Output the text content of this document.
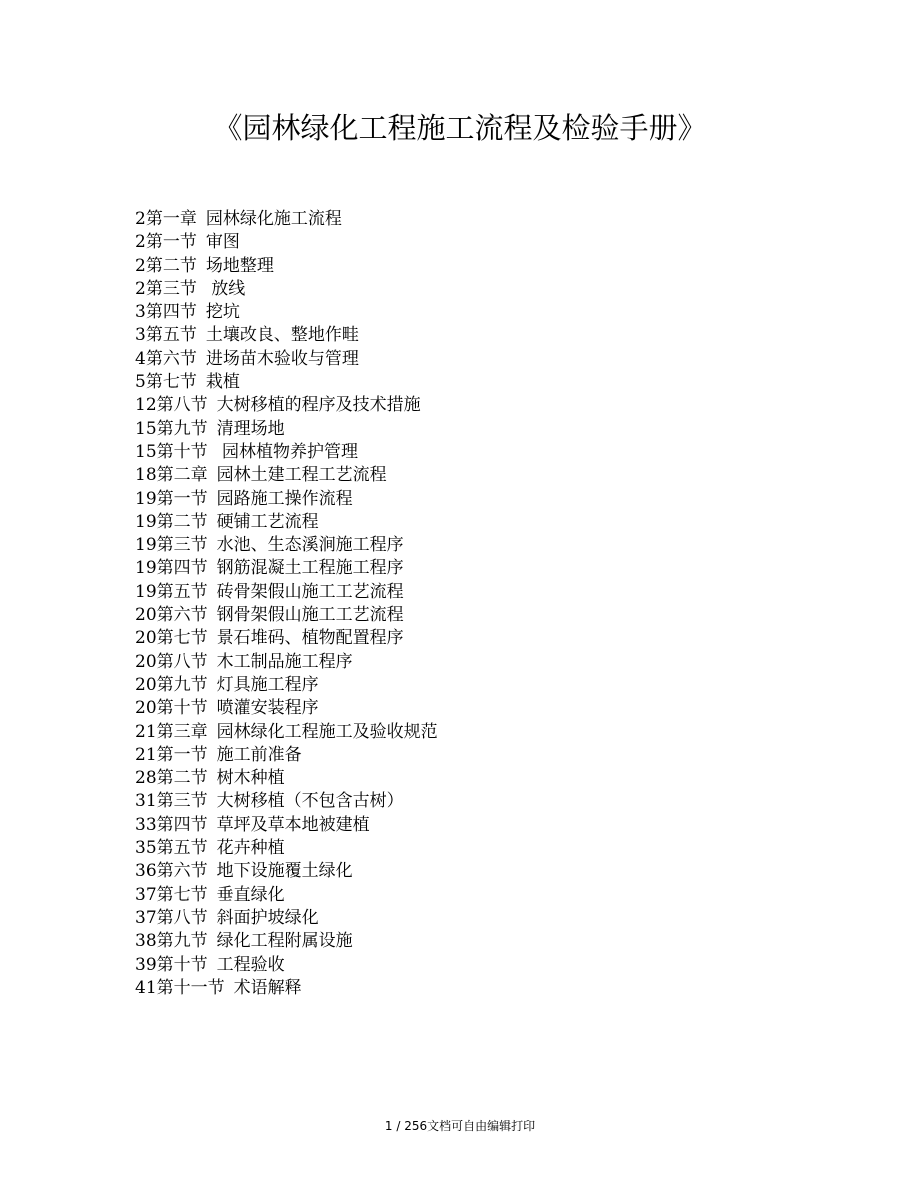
《园林绿化工程施工流程及检验手册》
2 第一章 园林绿化施工流程
2 第一节 审图
2 第二节 场地整理
2 第三节 放线
3 第四节 挖坑
3 第五节 土壤改良、整地作畦
4 第六节 进场苗木验收与管理
5 第七节 栽植
12 第八节 大树移植的程序及技术措施
15 第九节 清理场地
15 第十节 园林植物养护管理
18 第二章 园林土建工程工艺流程
19 第一节 园路施工操作流程
19 第二节 硬铺工艺流程
19 第三节 水池、生态溪涧施工程序
19 第四节 钢筋混凝土工程施工程序
19 第五节 砖骨架假山施工工艺流程
20 第六节 钢骨架假山施工工艺流程
20 第七节 景石堆码、植物配置程序
20 第八节 木工制品施工程序
20 第九节 灯具施工程序
20 第十节 喷灌安装程序
21 第三章 园林绿化工程施工及验收规范
21 第一节 施工前准备
28 第二节 树木种植
31 第三节 大树移植（不包含古树）
33 第四节 草坪及草本地被建植
35 第五节 花卉种植
36 第六节 地下设施覆土绿化
37 第七节 垂直绿化
37 第八节 斜面护坡绿化
38 第九节 绿化工程附属设施
39 第十节 工程验收
41 第十一节 术语解释
1 / 256文档可自由编辑打印
